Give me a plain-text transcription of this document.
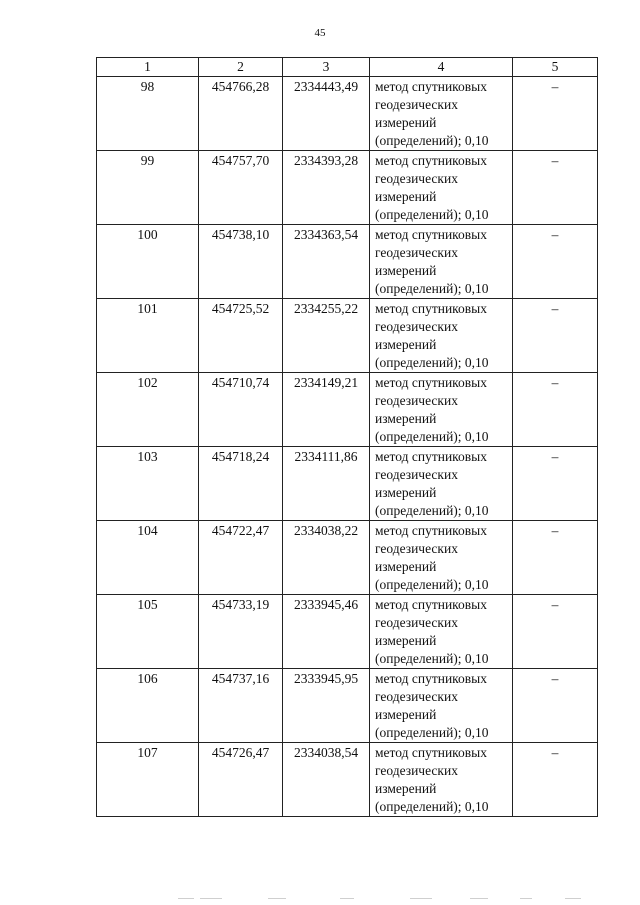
45
1	2	3	4	5
98	454766,28	2334443,49	метод спутниковых
геодезических
измерений
(определений); 0,10	–
99	454757,70	2334393,28	метод спутниковых
геодезических
измерений
(определений); 0,10	–
100	454738,10	2334363,54	метод спутниковых
геодезических
измерений
(определений); 0,10	–
101	454725,52	2334255,22	метод спутниковых
геодезических
измерений
(определений); 0,10	–
102	454710,74	2334149,21	метод спутниковых
геодезических
измерений
(определений); 0,10	–
103	454718,24	2334111,86	метод спутниковых
геодезических
измерений
(определений); 0,10	–
104	454722,47	2334038,22	метод спутниковых
геодезических
измерений
(определений); 0,10	–
105	454733,19	2333945,46	метод спутниковых
геодезических
измерений
(определений); 0,10	–
106	454737,16	2333945,95	метод спутниковых
геодезических
измерений
(определений); 0,10	–
107	454726,47	2334038,54	метод спутниковых
геодезических
измерений
(определений); 0,10	–
